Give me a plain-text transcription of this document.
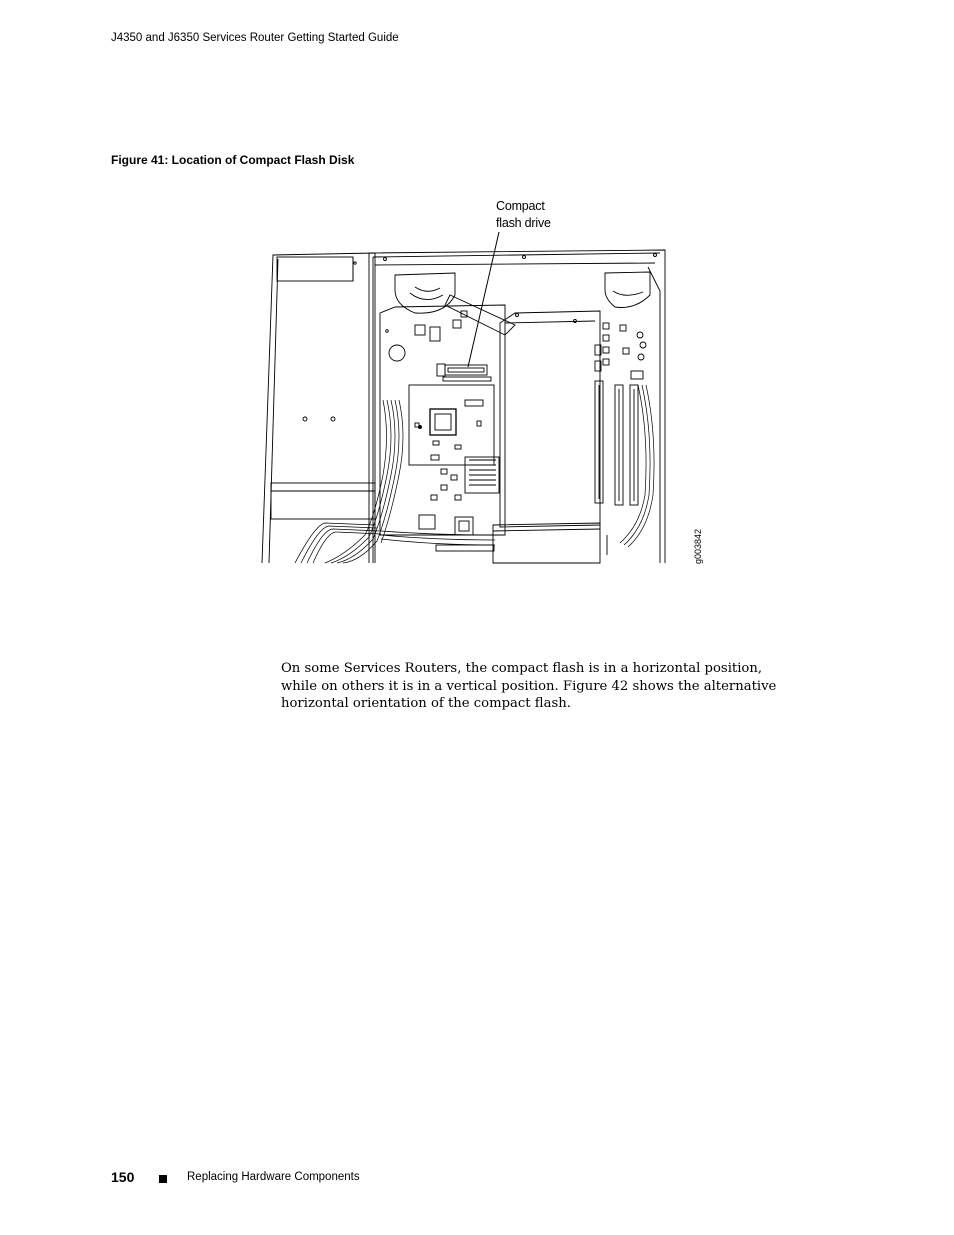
J4350 and J6350 Services Router Getting Started Guide
Figure 41: Location of Compact Flash Disk
Compact
flash drive
g003842

On some Services Routers, the compact flash is in a horizontal position, while on others it is in a vertical position. Figure 42 shows the alternative horizontal orientation of the compact flash.

150	Replacing Hardware Components
